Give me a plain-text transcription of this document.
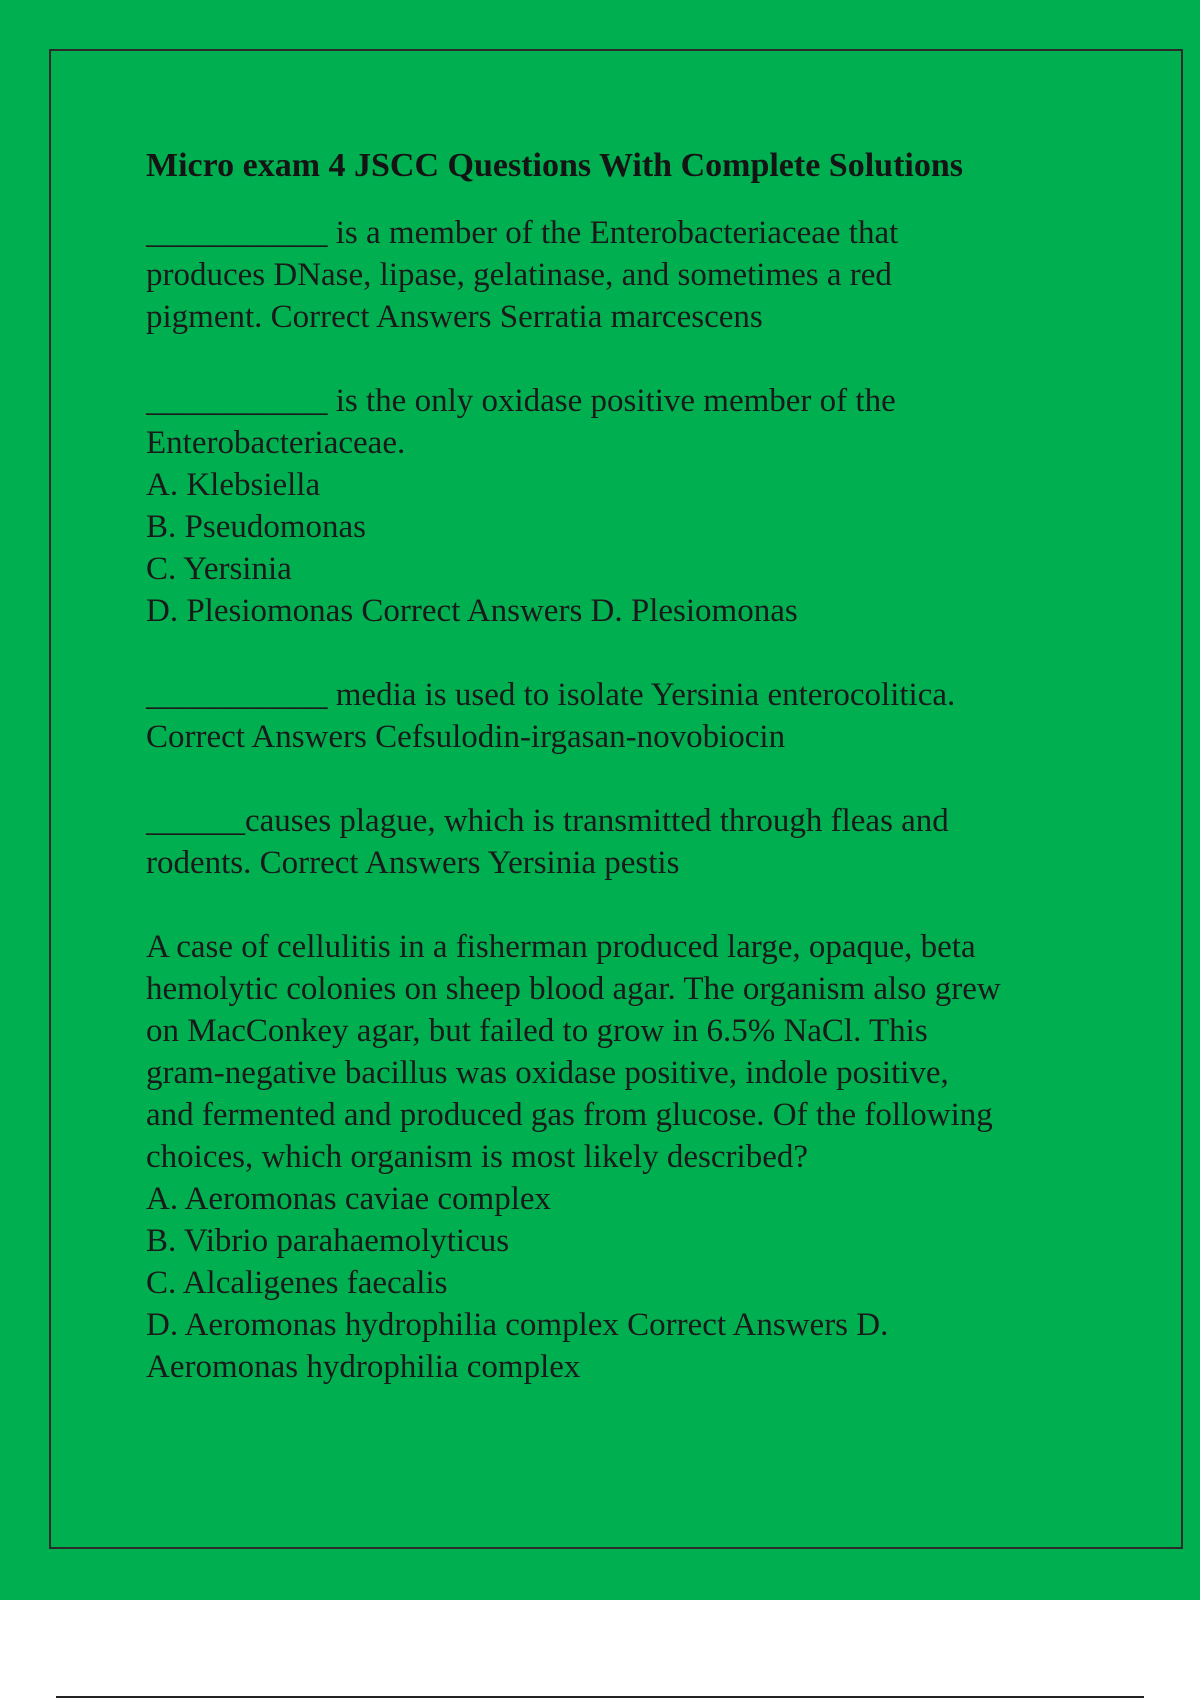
Micro exam 4 JSCC Questions With Complete Solutions
___________ is a member of the Enterobacteriaceae that
produces DNase, lipase, gelatinase, and sometimes a red
pigment. Correct Answers Serratia marcescens
___________ is the only oxidase positive member of the
Enterobacteriaceae.
A. Klebsiella
B. Pseudomonas
C. Yersinia
D. Plesiomonas Correct Answers D. Plesiomonas
___________ media is used to isolate Yersinia enterocolitica.
Correct Answers Cefsulodin-irgasan-novobiocin
______causes plague, which is transmitted through fleas and
rodents. Correct Answers Yersinia pestis
A case of cellulitis in a fisherman produced large, opaque, beta
hemolytic colonies on sheep blood agar. The organism also grew
on MacConkey agar, but failed to grow in 6.5% NaCl. This
gram-negative bacillus was oxidase positive, indole positive,
and fermented and produced gas from glucose. Of the following
choices, which organism is most likely described?
A. Aeromonas caviae complex
B. Vibrio parahaemolyticus
C. Alcaligenes faecalis
D. Aeromonas hydrophilia complex Correct Answers D.
Aeromonas hydrophilia complex
